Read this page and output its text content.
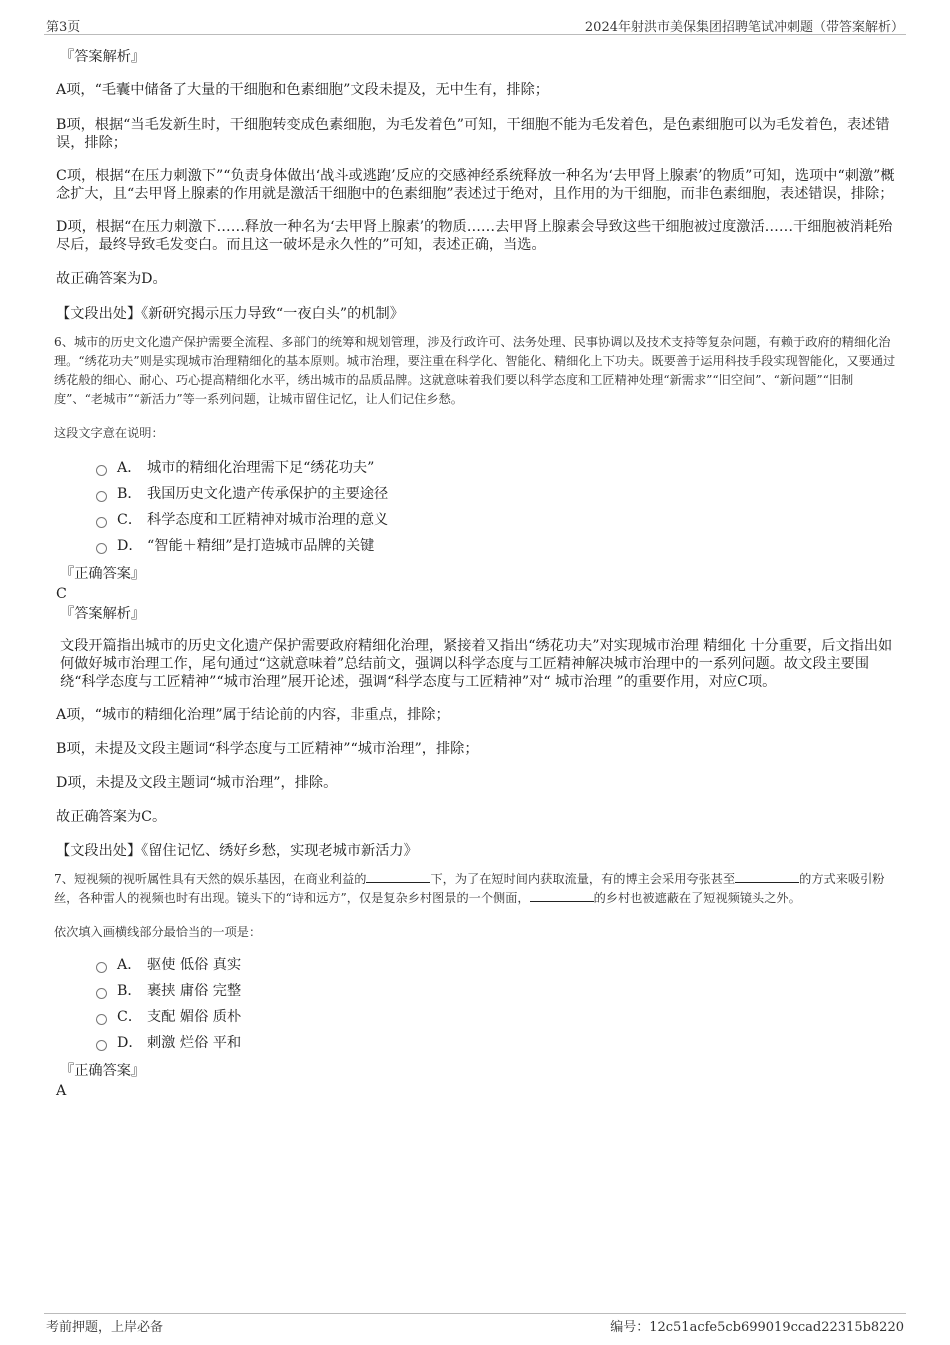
第3页	2024年射洪市美保集团招聘笔试冲刺题（带答案解析）

『答案解析』

A项，“毛囊中储备了大量的干细胞和色素细胞”文段未提及，无中生有，排除；

B项，根据“当毛发新生时，干细胞转变成色素细胞，为毛发着色”可知，干细胞不能为毛发着色，是色素细胞可以为毛发着色，表述错误，排除；

C项，根据“在压力刺激下”“负责身体做出‘战斗或逃跑’反应的交感神经系统释放一种名为‘去甲肾上腺素’的物质”可知，选项中“刺激”概念扩大，且“去甲肾上腺素的作用就是激活干细胞中的色素细胞”表述过于绝对，且作用的为干细胞，而非色素细胞，表述错误，排除；

D项，根据“在压力刺激下……释放一种名为‘去甲肾上腺素’的物质……去甲肾上腺素会导致这些干细胞被过度激活……干细胞被消耗殆尽后，最终导致毛发变白。而且这一破坏是永久性的”可知，表述正确，当选。

故正确答案为D。

【文段出处】《新研究揭示压力导致“一夜白头”的机制》

6、城市的历史文化遗产保护需要全流程、多部门的统筹和规划管理，涉及行政许可、法务处理、民事协调以及技术支持等复杂问题，有赖于政府的精细化治理。“绣花功夫”则是实现城市治理精细化的基本原则。城市治理，要注重在科学化、智能化、精细化上下功夫。既要善于运用科技手段实现智能化，又要通过绣花般的细心、耐心、巧心提高精细化水平，绣出城市的品质品牌。这就意味着我们要以科学态度和工匠精神处理“新需求”“旧空间”、“新问题”“旧制度”、“老城市”“新活力”等一系列问题，让城市留住记忆，让人们记住乡愁。

这段文字意在说明：

A． 城市的精细化治理需下足“绣花功夫”
B． 我国历史文化遗产传承保护的主要途径
C． 科学态度和工匠精神对城市治理的意义
D． “智能＋精细”是打造城市品牌的关键

『正确答案』

C

『答案解析』

文段开篇指出城市的历史文化遗产保护需要政府精细化治理，紧接着又指出“绣花功夫”对实现城市治理 精细化 十分重要，后文指出如何做好城市治理工作，尾句通过“这就意味着”总结前文，强调以科学态度与工匠精神解决城市治理中的一系列问题。故文段主要围绕“科学态度与工匠精神”“城市治理”展开论述，强调“科学态度与工匠精神”对“ 城市治理 ”的重要作用，对应C项。

A项，“城市的精细化治理”属于结论前的内容，非重点，排除；

B项，未提及文段主题词“科学态度与工匠精神”“城市治理”，排除；

D项，未提及文段主题词“城市治理”，排除。

故正确答案为C。

【文段出处】《留住记忆、绣好乡愁，实现老城市新活力》

7、短视频的视听属性具有天然的娱乐基因，在商业利益的	下，为了在短时间内获取流量，有的博主会采用夸张甚至	的方式来吸引粉丝，各种雷人的视频也时有出现。镜头下的“诗和远方”，仅是复杂乡村图景的一个侧面，	的乡村也被遮蔽在了短视频镜头之外。

依次填入画横线部分最恰当的一项是：

A． 驱使 低俗 真实
B． 裹挟 庸俗 完整
C． 支配 媚俗 质朴
D． 刺激 烂俗 平和

『正确答案』

A

考前押题，上岸必备	编号：12c51acfe5cb699019ccad22315b8220
